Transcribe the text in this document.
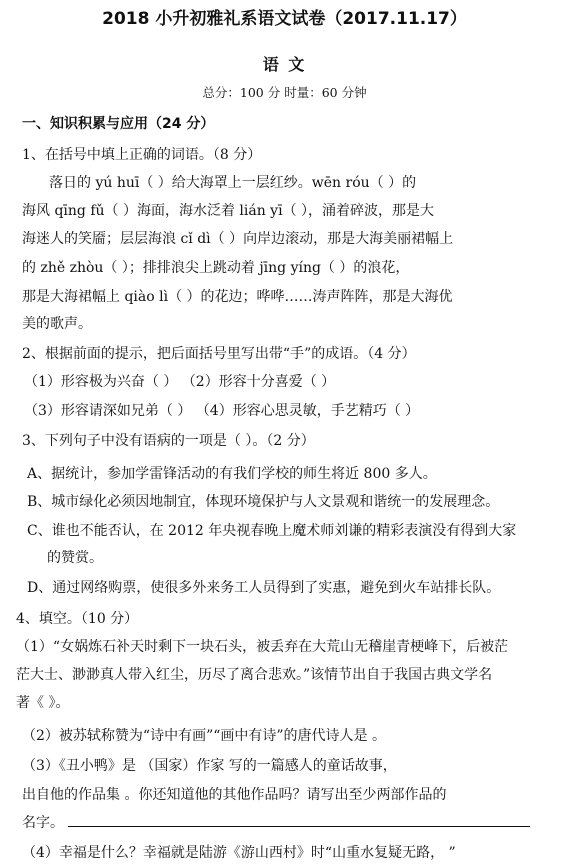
2018 小升初雅礼系语文试卷（2017.11.17）
语 文
总分：100 分 时量：60 分钟
一、知识积累与应用（24 分）
1、在括号中填上正确的词语。（8 分）
落日的 yú huī（ ）给大海罩上一层红纱。wēn róu（ ）的
海风 qīng fǔ（ ）海面，海水泛着 lián yī（ ），涌着碎波，那是大
海迷人的笑靥；层层海浪 cǐ dì（ ）向岸边滚动，那是大海美丽裙幅上
的 zhě zhòu（ ）；排排浪尖上跳动着 jīng yíng（ ）的浪花，
那是大海裙幅上 qiào lì（ ）的花边；哗哗……涛声阵阵，那是大海优
美的歌声。
2、根据前面的提示，把后面括号里写出带“手”的成语。（4 分）
（1）形容极为兴奋（ ） （2）形容十分喜爱（ ）
（3）形容请深如兄弟（ ） （4）形容心思灵敏，手艺精巧（ ）
3、下列句子中没有语病的一项是（ ）。（2 分）
A、据统计，参加学雷锋活动的有我们学校的师生将近 800 多人。
B、城市绿化必须因地制宜，体现环境保护与人文景观和谐统一的发展理念。
C、谁也不能否认，在 2012 年央视春晚上魔术师刘谦的精彩表演没有得到大家
的赞赏。
D、通过网络购票，使很多外来务工人员得到了实惠，避免到火车站排长队。
4、填空。（10 分）
（1）“女娲炼石补天时剩下一块石头，被丢弃在大荒山无稽崖青梗峰下，后被茫
茫大士、渺渺真人带入红尘，历尽了离合悲欢。”该情节出自于我国古典文学名
著《 》。
（2）被苏轼称赞为“诗中有画”“画中有诗”的唐代诗人是 。
（3）《丑小鸭》是 （国家）作家 写的一篇感人的童话故事，
出自他的作品集 。你还知道他的其他作品吗？请写出至少两部作品的
名字。
（4）幸福是什么？幸福就是陆游《游山西村》时“山重水复疑无路， ”
